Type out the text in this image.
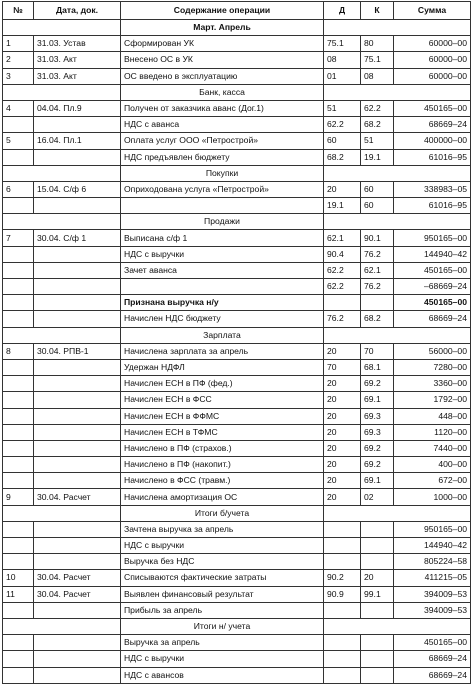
№	Дата, док.	Содержание операции	Д	К	Сумма
		Март. Апрель			
1	31.03. Устав	Сформирован УК	75.1	80	60000–00
2	31.03. Акт	Внесено ОС в УК	08	75.1	60000–00
3	31.03. Акт	ОС введено в эксплуатацию	01	08	60000–00
		Банк, касса			
4	04.04. Пл.9	Получен от заказчика аванс (Дог.1)	51	62.2	450165–00
		НДС с аванса	62.2	68.2	68669–24
5	16.04. Пл.1	Оплата услуг ООО «Петрострой»	60	51	400000–00
		НДС предъявлен бюджету	68.2	19.1	61016–95
		Покупки			
6	15.04. С/ф 6	Оприходована услуга «Петрострой»	20	60	338983–05
			19.1	60	61016–95
		Продажи			
7	30.04. С/ф 1	Выписана с/ф 1	62.1	90.1	950165–00
		НДС с выручки	90.4	76.2	144940–42
		Зачет аванса	62.2	62.1	450165–00
			62.2	76.2	–68669–24
		Признана выручка н/у			450165–00
		Начислен НДС бюджету	76.2	68.2	68669–24
		Зарплата			
8	30.04. РПВ-1	Начислена зарплата за апрель	20	70	56000–00
		Удержан НДФЛ	70	68.1	7280–00
		Начислен ЕСН в ПФ (фед.)	20	69.2	3360–00
		Начислен ЕСН в ФСС	20	69.1	1792–00
		Начислен ЕСН в ФФМС	20	69.3	448–00
		Начислен ЕСН в ТФМС	20	69.3	1120–00
		Начислено в ПФ (страхов.)	20	69.2	7440–00
		Начислено в ПФ (накопит.)	20	69.2	400–00
		Начислено в ФСС (травм.)	20	69.1	672–00
9	30.04. Расчет	Начислена амортизация ОС	20	02	1000–00
		Итоги б/учета			
		Зачтена выручка за апрель			950165–00
		НДС с выручки			144940–42
		Выручка без НДС			805224–58
10	30.04. Расчет	Списываются фактические затраты	90.2	20	411215–05
11	30.04. Расчет	Выявлен финансовый результат	90.9	99.1	394009–53
		Прибыль за апрель			394009–53
		Итоги н/ учета			
		Выручка за апрель			450165–00
		НДС с выручки			68669–24
		НДС с авансов			68669–24
